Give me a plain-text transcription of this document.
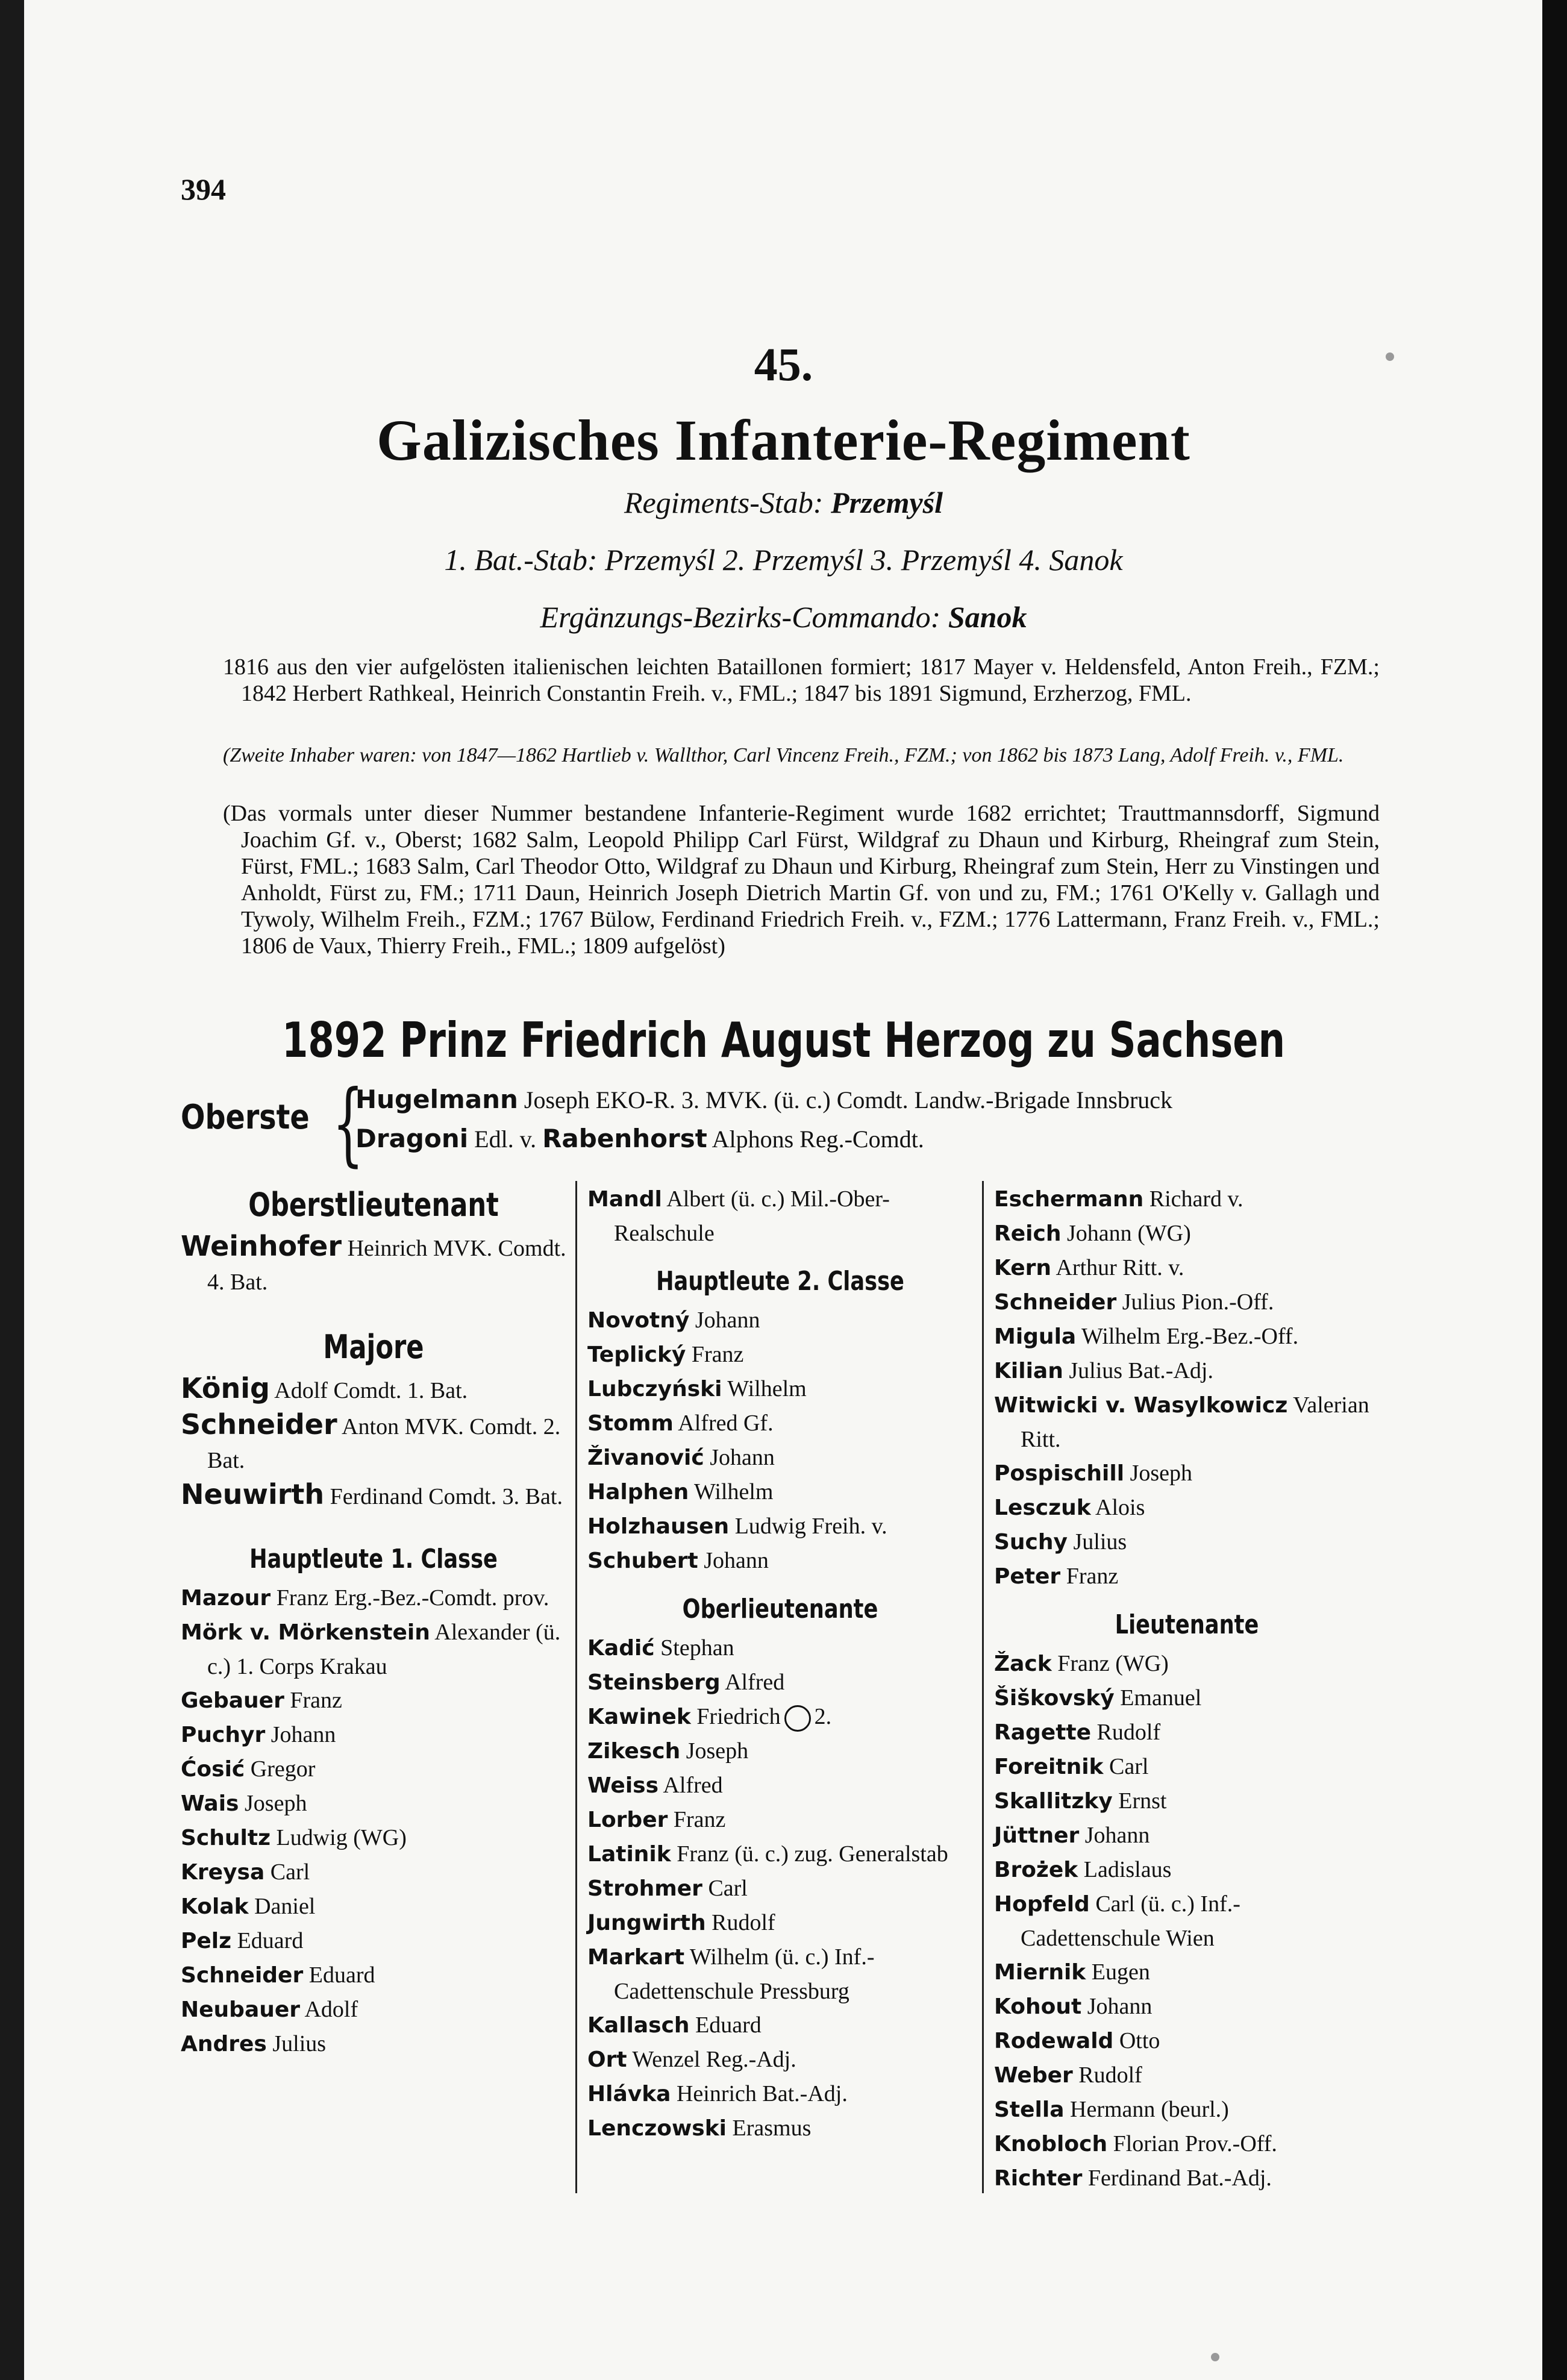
394
45.
Galizisches Infanterie-Regiment
Regiments-Stab: Przemyśl
1. Bat.-Stab: Przemyśl 2. Przemyśl 3. Przemyśl 4. Sanok
Ergänzungs-Bezirks-Commando: Sanok
1816 aus den vier aufgelösten italienischen leichten Bataillonen formiert; 1817 Mayer v. Heldensfeld, Anton Freih., FZM.; 1842 Herbert Rathkeal, Heinrich Constantin Freih. v., FML.; 1847 bis 1891 Sigmund, Erzherzog, FML.
(Zweite Inhaber waren: von 1847—1862 Hartlieb v. Wallthor, Carl Vincenz Freih., FZM.; von 1862 bis 1873 Lang, Adolf Freih. v., FML.
(Das vormals unter dieser Nummer bestandene Infanterie-Regiment wurde 1682 errichtet; Trauttmannsdorff, Sigmund Joachim Gf. v., Oberst; 1682 Salm, Leopold Philipp Carl Fürst, Wildgraf zu Dhaun und Kirburg, Rheingraf zum Stein, Fürst, FML.; 1683 Salm, Carl Theodor Otto, Wildgraf zu Dhaun und Kirburg, Rheingraf zum Stein, Herr zu Vinstingen und Anholdt, Fürst zu, FM.; 1711 Daun, Heinrich Joseph Dietrich Martin Gf. von und zu, FM.; 1761 O'Kelly v. Gallagh und Tywoly, Wilhelm Freih., FZM.; 1767 Bülow, Ferdinand Friedrich Freih. v., FZM.; 1776 Lattermann, Franz Freih. v., FML.; 1806 de Vaux, Thierry Freih., FML.; 1809 aufgelöst)
1892 Prinz Friedrich August Herzog zu Sachsen
Oberste {
Hugelmann Joseph EKO-R. 3. MVK. (ü. c.) Comdt. Landw.-Brigade Innsbruck
Dragoni Edl. v. Rabenhorst Alphons Reg.-Comdt.
Oberstlieutenant
Weinhofer Heinrich MVK. Comdt. 4. Bat.
Majore
König Adolf Comdt. 1. Bat.
Schneider Anton MVK. Comdt. 2. Bat.
Neuwirth Ferdinand Comdt. 3. Bat.
Hauptleute 1. Classe
Mazour Franz Erg.-Bez.-Comdt. prov.
Mörk v. Mörkenstein Alexander (ü. c.) 1. Corps Krakau
Gebauer Franz
Puchyr Johann
Ćosić Gregor
Wais Joseph
Schultz Ludwig (WG)
Kreysa Carl
Kolak Daniel
Pelz Eduard
Schneider Eduard
Neubauer Adolf
Andres Julius
Mandl Albert (ü. c.) Mil.-Ober-Realschule
Hauptleute 2. Classe
Novotný Johann
Teplický Franz
Lubczyński Wilhelm
Stomm Alfred Gf.
Živanović Johann
Halphen Wilhelm
Holzhausen Ludwig Freih. v.
Schubert Johann
Oberlieutenante
Kadić Stephan
Steinsberg Alfred
Kawinek Friedrich 2.
Zikesch Joseph
Weiss Alfred
Lorber Franz
Latinik Franz (ü. c.) zug. Generalstab
Strohmer Carl
Jungwirth Rudolf
Markart Wilhelm (ü. c.) Inf.-Cadettenschule Pressburg
Kallasch Eduard
Ort Wenzel Reg.-Adj.
Hlávka Heinrich Bat.-Adj.
Lenczowski Erasmus
Eschermann Richard v.
Reich Johann (WG)
Kern Arthur Ritt. v.
Schneider Julius Pion.-Off.
Migula Wilhelm Erg.-Bez.-Off.
Kilian Julius Bat.-Adj.
Witwicki v. Wasylkowicz Valerian Ritt.
Pospischill Joseph
Lesczuk Alois
Suchy Julius
Peter Franz
Lieutenante
Žack Franz (WG)
Šiškovský Emanuel
Ragette Rudolf
Foreitnik Carl
Skallitzky Ernst
Jüttner Johann
Brożek Ladislaus
Hopfeld Carl (ü. c.) Inf.-Cadettenschule Wien
Miernik Eugen
Kohout Johann
Rodewald Otto
Weber Rudolf
Stella Hermann (beurl.)
Knobloch Florian Prov.-Off.
Richter Ferdinand Bat.-Adj.
